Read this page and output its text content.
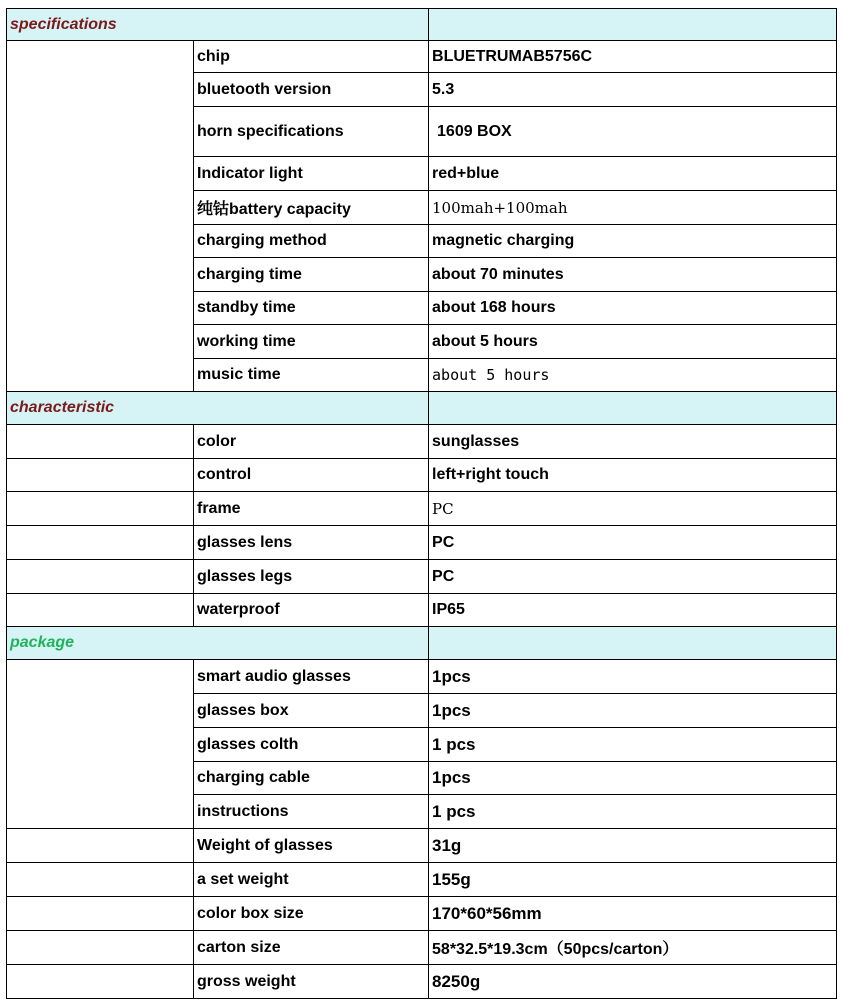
specifications		
	chip	BLUETRUMAB5756C
	bluetooth version	5.3
	horn specifications	1609 BOX
	Indicator light	red+blue
	纯钴battery capacity	100mah+100mah
	charging method	magnetic charging
	charging time	about 70 minutes
	standby time	about 168 hours
	working time	about 5 hours
	music time	about 5 hours
characteristic		
	color	sunglasses
	control	left+right touch
	frame	PC
	glasses lens	PC
	glasses legs	PC
	waterproof	IP65
package		
	smart audio glasses	1pcs
	glasses box	1pcs
	glasses colth	1 pcs
	charging cable	1pcs
	instructions	1 pcs
	Weight of glasses	31g
	a set weight	155g
	color box size	170*60*56mm
	carton size	58*32.5*19.3cm（50pcs/carton）
	gross weight	8250g
